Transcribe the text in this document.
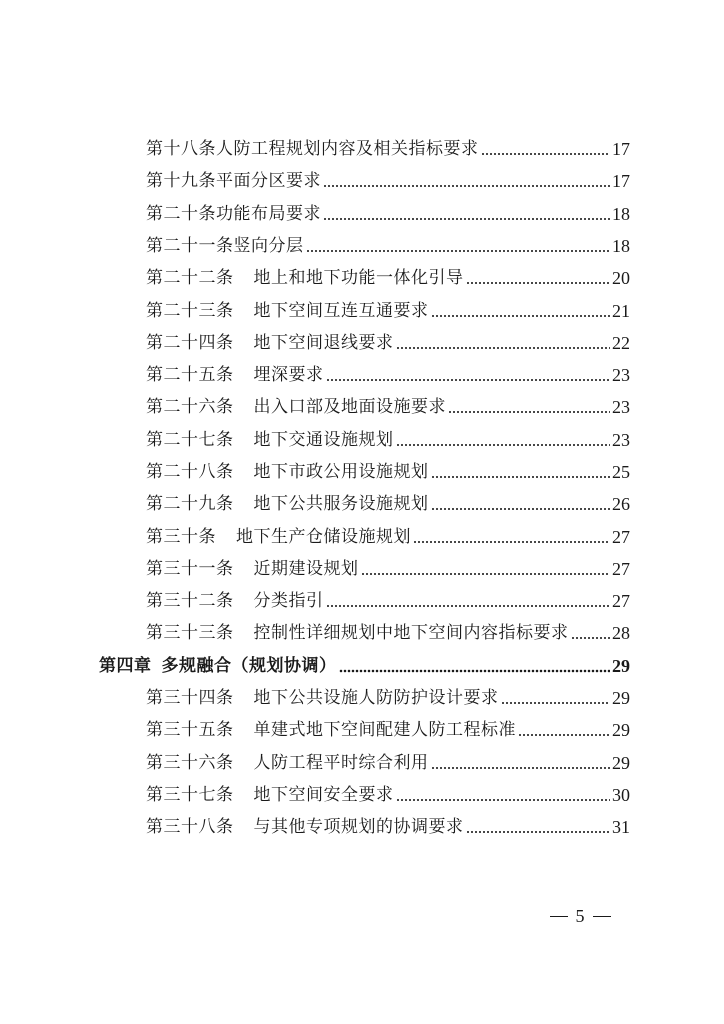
第十八条人防工程规划内容及相关指标要求	17
第十九条平面分区要求	17
第二十条功能布局要求	18
第二十一条竖向分层	18
第二十二条 地上和地下功能一体化引导	20
第二十三条 地下空间互连互通要求	21
第二十四条 地下空间退线要求	22
第二十五条 埋深要求	23
第二十六条 出入口部及地面设施要求	23
第二十七条 地下交通设施规划	23
第二十八条 地下市政公用设施规划	25
第二十九条 地下公共服务设施规划	26
第三十条 地下生产仓储设施规划	27
第三十一条 近期建设规划	27
第三十二条 分类指引	27
第三十三条 控制性详细规划中地下空间内容指标要求 28
第四章 多规融合（规划协调）	29
第三十四条 地下公共设施人防防护设计要求	29
第三十五条 单建式地下空间配建人防工程标准	29
第三十六条 人防工程平时综合利用	29
第三十七条 地下空间安全要求	30
第三十八条 与其他专项规划的协调要求	31
5
